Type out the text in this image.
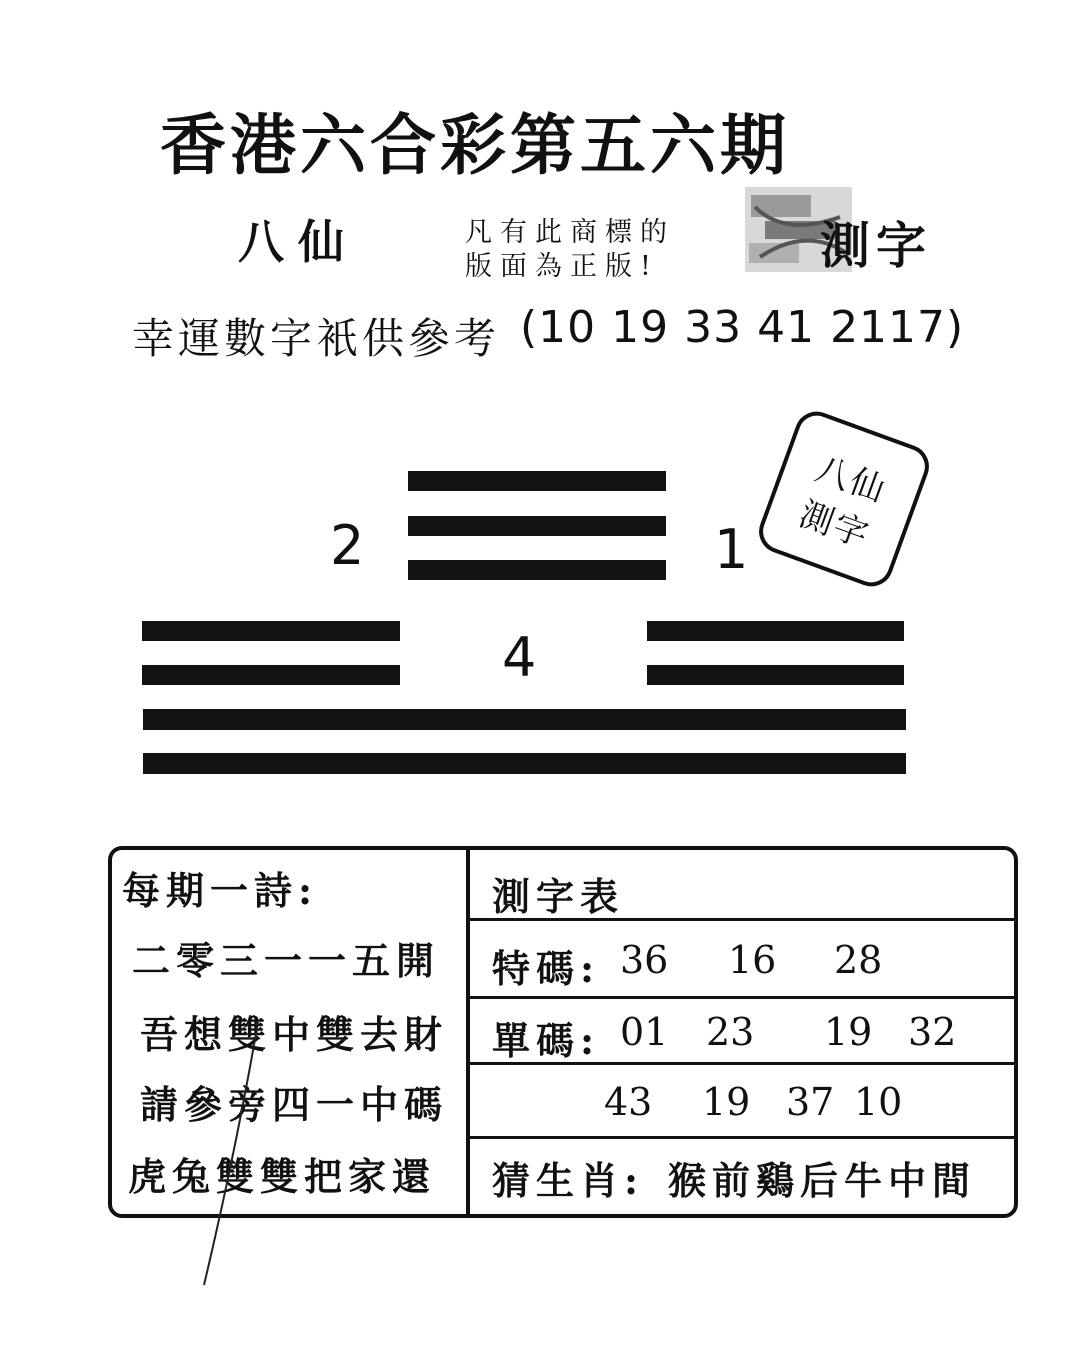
香港六合彩第五六期
八仙	凡有此商標的
版面為正版!	測字
幸運數字衹供參考 (10 19 33 41 2117)
2	1
八仙
測字
4
每期一詩:
二零三一一五開
吾想雙中雙去財
請參旁四一中碼
虎兔雙雙把家還
測字表
特碼: 36 16 28
單碼: 01 23 19 32
43 19 37 10
猜生肖: 猴前鷄后牛中間
